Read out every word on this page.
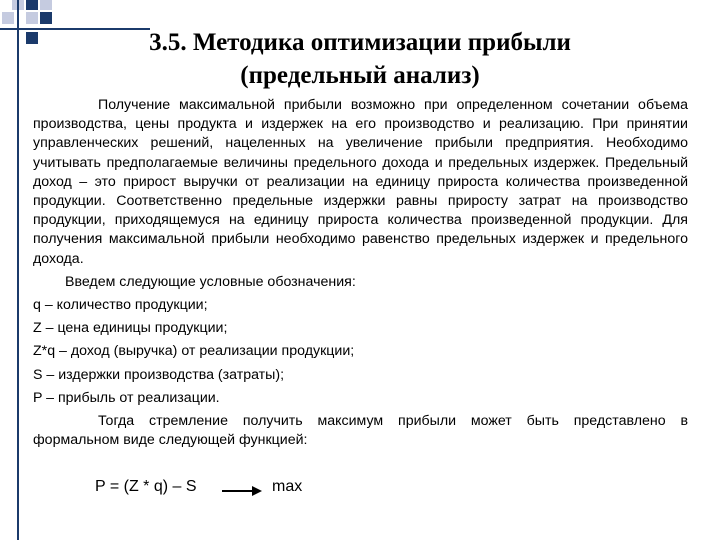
3.5. Методика оптимизации прибыли
(предельный анализ)

Получение максимальной прибыли возможно при определенном сочетании объема производства, цены продукта и издержек на его производство и реализацию. При принятии управленческих решений, нацеленных на увеличение прибыли предприятия. Необходимо учитывать предполагаемые величины предельного дохода и предельных издержек. Предельный доход – это прирост выручки от реализации на единицу прироста количества произведенной продукции. Соответственно предельные издержки равны приросту затрат на производство продукции, приходящемуся на единицу прироста количества произведенной продукции. Для получения максимальной прибыли необходимо равенство предельных издержек и предельного дохода.

Введем следующие условные обозначения:

q – количество продукции;

Z – цена единицы продукции;

Z*q – доход (выручка) от реализации продукции;

S – издержки производства (затраты);

P – прибыль от реализации.

Тогда стремление получить максимум прибыли может быть представлено в формальном виде следующей функцией:

P = (Z * q) – S	max
